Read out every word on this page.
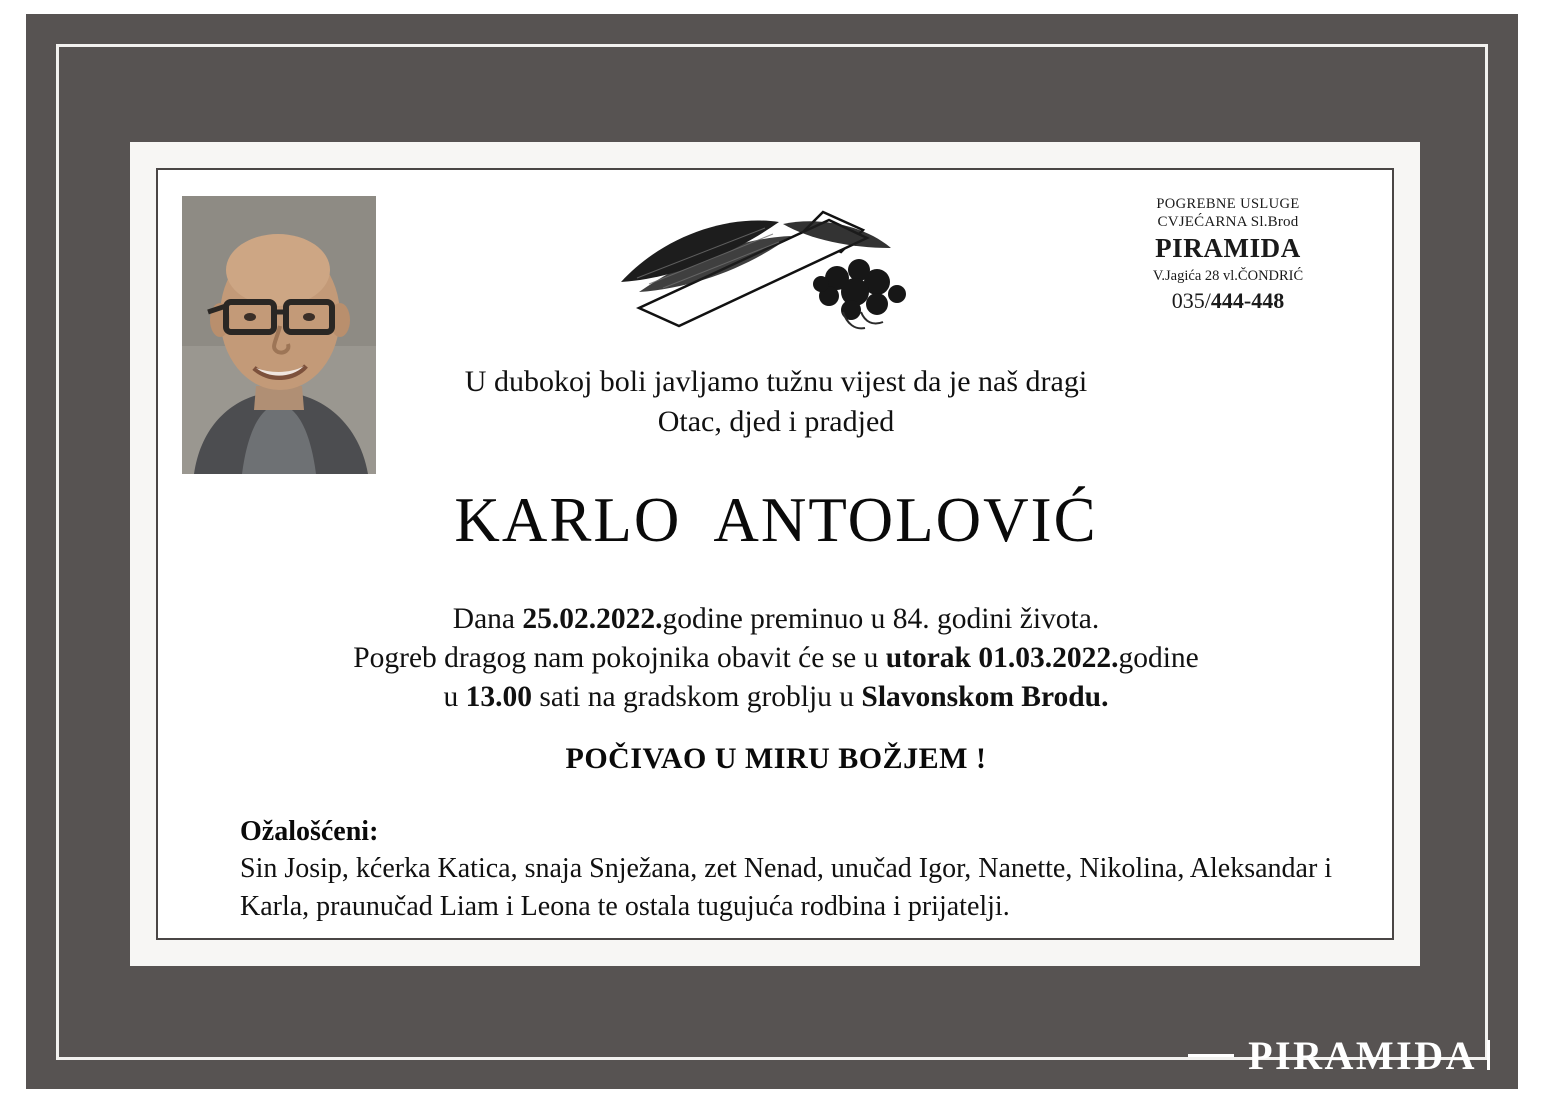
POGREBNE USLUGE
CVJEĆARNA Sl.Brod
PIRAMIDA
V.Jagića 28 vl.ČONDRIĆ
035/444-448
U dubokoj boli javljamo tužnu vijest da je naš dragi
Otac, djed i pradjed
KARLO  ANTOLOVIĆ
Dana 25.02.2022.godine preminuo u 84. godini života.
Pogreb dragog nam pokojnika obavit će se u utorak 01.03.2022.godine
u 13.00 sati na gradskom groblju u Slavonskom Brodu.
POČIVAO U MIRU BOŽJEM !
Ožalošćeni:
Sin Josip, kćerka Katica, snaja Snježana, zet Nenad, unučad Igor, Nanette, Nikolina, Aleksandar i Karla, praunučad Liam i Leona te ostala tugujuća rodbina i prijatelji.
PIRAMIDA
